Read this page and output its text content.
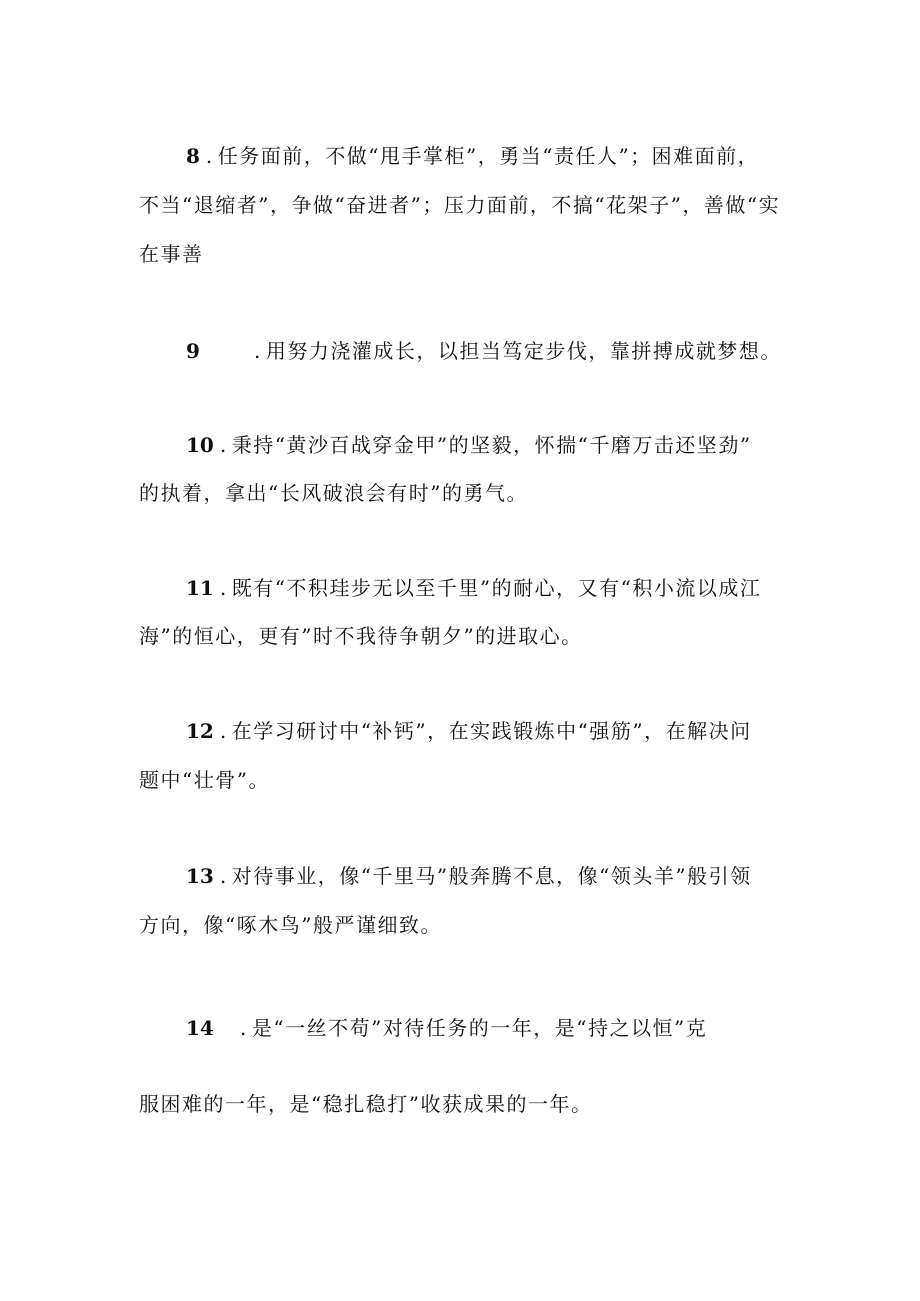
8 . 任务面前，不做“甩手掌柜”，勇当“责任人”；困难面前，
不当“退缩者”，争做“奋进者”；压力面前，不搞“花架子”，善做“实
在事善
9	. 用努力浇灌成长，以担当笃定步伐，靠拼搏成就梦想。
10 . 秉持“黄沙百战穿金甲”的坚毅，怀揣“千磨万击还坚劲”
的执着，拿出“长风破浪会有时”的勇气。
11 . 既有“不积珪步无以至千里”的耐心，又有“积小流以成江
海”的恒心，更有”时不我待争朝夕”的进取心。
12 . 在学习研讨中“补钙”，在实践锻炼中“强筋”，在解决问
题中“壮骨”。
13 . 对待事业，像“千里马”般奔腾不息，像“领头羊”般引领
方向，像“啄木鸟”般严谨细致。
14 . 是“一丝不苟”对待任务的一年，是“持之以恒”克
服困难的一年，是“稳扎稳打”收获成果的一年。
